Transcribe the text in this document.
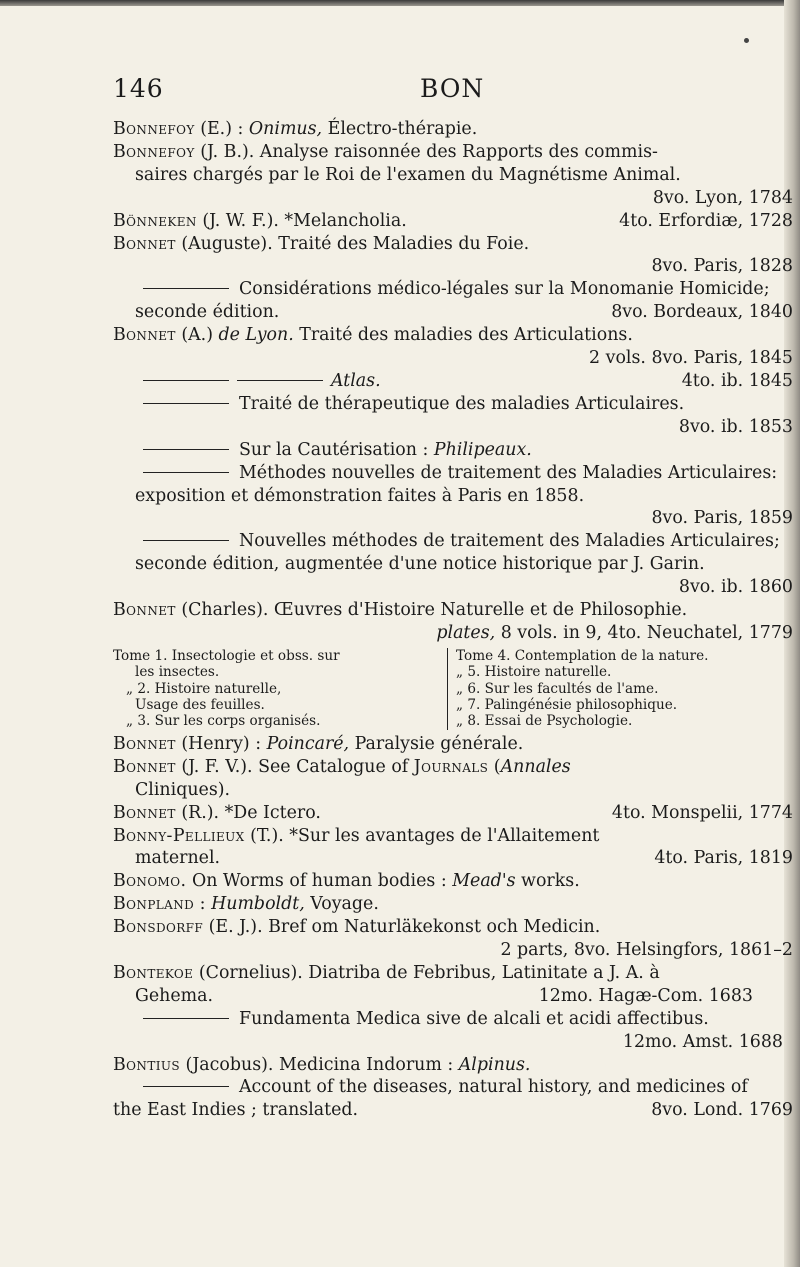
146	BON
Bonnefoy (E.) : Onimus, Électro-thérapie.
Bonnefoy (J. B.). Analyse raisonnée des Rapports des commis-
saires chargés par le Roi de l'examen du Magnétisme Animal.
8vo. Lyon, 1784
Bönneken (J. W. F.). *Melancholia.	4to. Erfordiæ, 1728
Bonnet (Auguste). Traité des Maladies du Foie.
8vo. Paris, 1828
Considérations médico-légales sur la Monomanie Homicide;
seconde édition.	8vo. Bordeaux, 1840
Bonnet (A.) de Lyon. Traité des maladies des Articulations.
2 vols. 8vo. Paris, 1845
Atlas.	4to. ib. 1845
Traité de thérapeutique des maladies Articulaires.
8vo. ib. 1853
Sur la Cautérisation : Philipeaux.
Méthodes nouvelles de traitement des Maladies Articulaires:
exposition et démonstration faites à Paris en 1858.
8vo. Paris, 1859
Nouvelles méthodes de traitement des Maladies Articulaires;
seconde édition, augmentée d'une notice historique par J. Garin.
8vo. ib. 1860
Bonnet (Charles). Œuvres d'Histoire Naturelle et de Philosophie.
plates, 8 vols. in 9, 4to. Neuchatel, 1779
Tome 1. Insectologie et obss. sur
les insectes.
„ 2. Histoire naturelle,
Usage des feuilles.
„ 3. Sur les corps organisés.
Tome 4. Contemplation de la nature.
„ 5. Histoire naturelle.
„ 6. Sur les facultés de l'ame.
„ 7. Palingénésie philosophique.
„ 8. Essai de Psychologie.
Bonnet (Henry) : Poincaré, Paralysie générale.
Bonnet (J. F. V.). See Catalogue of Journals (Annales
Cliniques).
Bonnet (R.). *De Ictero.	4to. Monspelii, 1774
Bonny-Pellieux (T.). *Sur les avantages de l'Allaitement
maternel.	4to. Paris, 1819
Bonomo. On Worms of human bodies : Mead's works.
Bonpland : Humboldt, Voyage.
Bonsdorff (E. J.). Bref om Naturläkekonst och Medicin.
2 parts, 8vo. Helsingfors, 1861–2
Bontekoe (Cornelius). Diatriba de Febribus, Latinitate a J. A. à
Gehema.	12mo. Hagæ-Com. 1683
Fundamenta Medica sive de alcali et acidi affectibus.
12mo. Amst. 1688
Bontius (Jacobus). Medicina Indorum : Alpinus.
Account of the diseases, natural history, and medicines of
the East Indies ; translated.	8vo. Lond. 1769
